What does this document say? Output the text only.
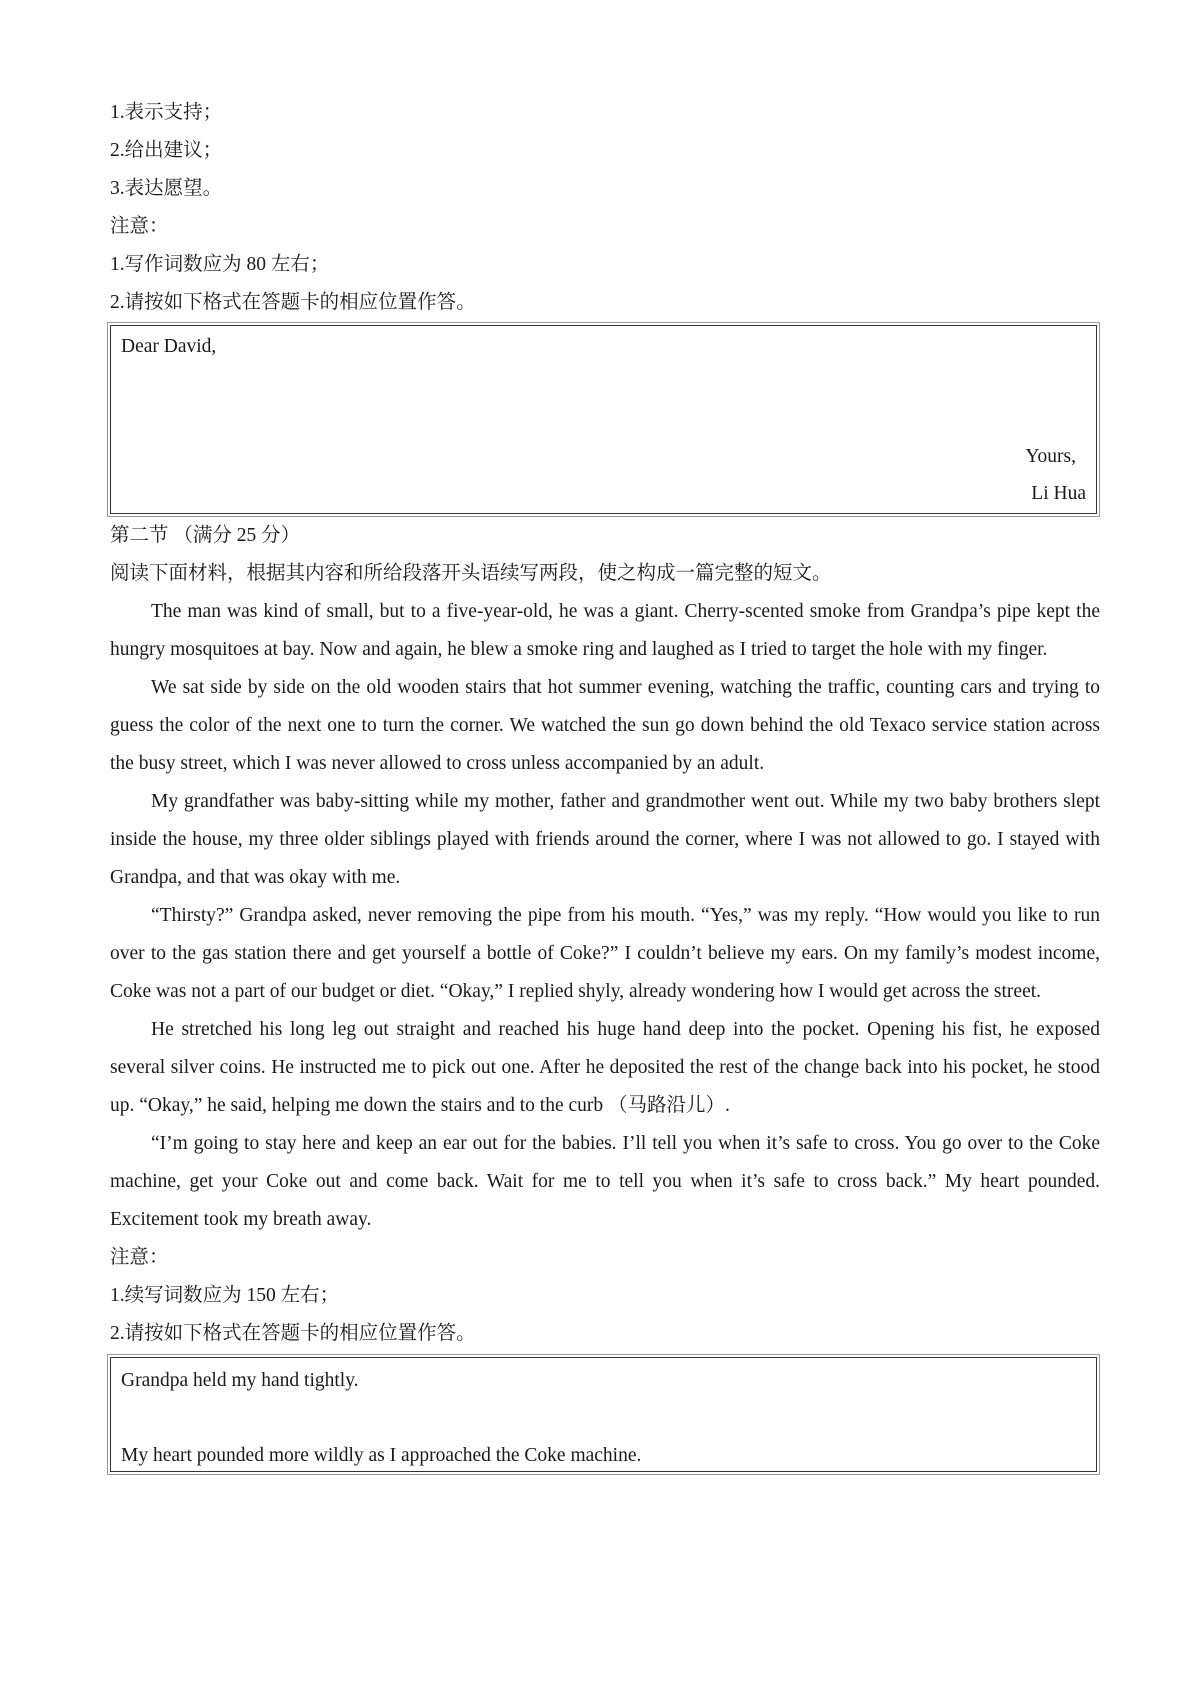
1.表示支持；
2.给出建议；
3.表达愿望。
注意：
1.写作词数应为 80 左右；
2.请按如下格式在答题卡的相应位置作答。
Dear David,
Yours,
Li Hua
第二节 （满分 25 分）
阅读下面材料，根据其内容和所给段落开头语续写两段，使之构成一篇完整的短文。

The man was kind of small, but to a five-year-old, he was a giant. Cherry-scented smoke from Grandpa’s pipe kept the hungry mosquitoes at bay. Now and again, he blew a smoke ring and laughed as I tried to target the hole with my finger.

We sat side by side on the old wooden stairs that hot summer evening, watching the traffic, counting cars and trying to guess the color of the next one to turn the corner. We watched the sun go down behind the old Texaco service station across the busy street, which I was never allowed to cross unless accompanied by an adult.

My grandfather was baby-sitting while my mother, father and grandmother went out. While my two baby brothers slept inside the house, my three older siblings played with friends around the corner, where I was not allowed to go. I stayed with Grandpa, and that was okay with me.

“Thirsty?” Grandpa asked, never removing the pipe from his mouth. “Yes,” was my reply. “How would you like to run over to the gas station there and get yourself a bottle of Coke?” I couldn’t believe my ears. On my family’s modest income, Coke was not a part of our budget or diet. “Okay,” I replied shyly, already wondering how I would get across the street.

He stretched his long leg out straight and reached his huge hand deep into the pocket. Opening his fist, he exposed several silver coins. He instructed me to pick out one. After he deposited the rest of the change back into his pocket, he stood up. “Okay,” he said, helping me down the stairs and to the curb （马路沿儿）.

“I’m going to stay here and keep an ear out for the babies. I’ll tell you when it’s safe to cross. You go over to the Coke machine, get your Coke out and come back. Wait for me to tell you when it’s safe to cross back.” My heart pounded. Excitement took my breath away.

注意：
1.续写词数应为 150 左右；
2.请按如下格式在答题卡的相应位置作答。
Grandpa held my hand tightly.
My heart pounded more wildly as I approached the Coke machine.
